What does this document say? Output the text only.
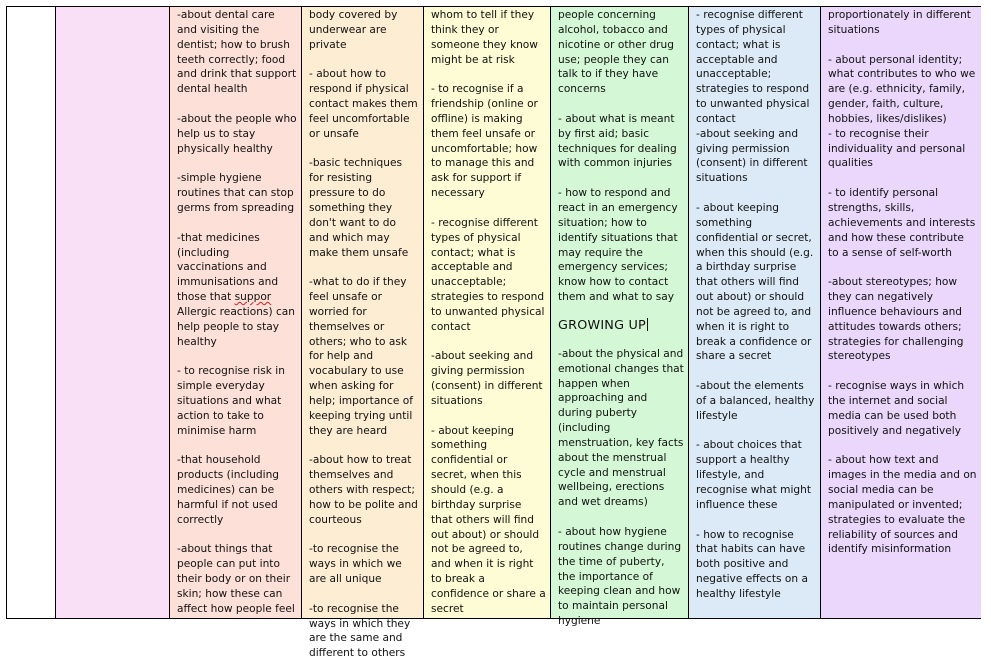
-about dental care and visiting the dentist; how to brush teeth correctly; food and drink that support dental health

-about the people who help us to stay physically healthy

-simple hygiene routines that can stop germs from spreading

-that medicines (including vaccinations and immunisations and those that suppor Allergic reactions) can help people to stay healthy

- to recognise risk in simple everyday situations and what action to take to minimise harm

-that household products (including medicines) can be harmful if not used correctly

-about things that people can put into their body or on their skin; how these can affect how people feel

body covered by underwear are private

- about how to respond if physical contact makes them feel uncomfortable or unsafe

-basic techniques for resisting pressure to do something they don't want to do and which may make them unsafe

-what to do if they feel unsafe or worried for themselves or others; who to ask for help and vocabulary to use when asking for help; importance of keeping trying until they are heard

-about how to treat themselves and others with respect; how to be polite and courteous

-to recognise the ways in which we are all unique

-to recognise the ways in which they are the same and different to others

whom to tell if they think they or someone they know might be at risk

- to recognise if a friendship (online or offline) is making them feel unsafe or uncomfortable; how to manage this and ask for support if necessary

- recognise different types of physical contact; what is acceptable and unacceptable; strategies to respond to unwanted physical contact

-about seeking and giving permission (consent) in different situations

- about keeping something confidential or secret, when this should (e.g. a birthday surprise that others will find out about) or should not be agreed to, and when it is right to break a confidence or share a secret

people concerning alcohol, tobacco and nicotine or other drug use; people they can talk to if they have concerns

- about what is meant by first aid; basic techniques for dealing with common injuries

- how to respond and react in an emergency situation; how to identify situations that may require the emergency services; know how to contact them and what to say

GROWING UP

-about the physical and emotional changes that happen when approaching and during puberty (including menstruation, key facts about the menstrual cycle and menstrual wellbeing, erections and wet dreams)

- about how hygiene routines change during the time of puberty, the importance of keeping clean and how to maintain personal hygiene

- recognise different types of physical contact; what is acceptable and unacceptable; strategies to respond to unwanted physical contact

-about seeking and giving permission (consent) in different situations

- about keeping something confidential or secret, when this should (e.g. a birthday surprise that others will find out about) or should not be agreed to, and when it is right to break a confidence or share a secret

-about the elements of a balanced, healthy lifestyle

- about choices that support a healthy lifestyle, and recognise what might influence these

- how to recognise that habits can have both positive and negative effects on a healthy lifestyle

proportionately in different situations

- about personal identity; what contributes to who we are (e.g. ethnicity, family, gender, faith, culture, hobbies, likes/dislikes)

- to recognise their individuality and personal qualities

- to identify personal strengths, skills, achievements and interests and how these contribute to a sense of self-worth

-about stereotypes; how they can negatively influence behaviours and attitudes towards others; strategies for challenging stereotypes

- recognise ways in which the internet and social media can be used both positively and negatively

- about how text and images in the media and on social media can be manipulated or invented; strategies to evaluate the reliability of sources and identify misinformation
